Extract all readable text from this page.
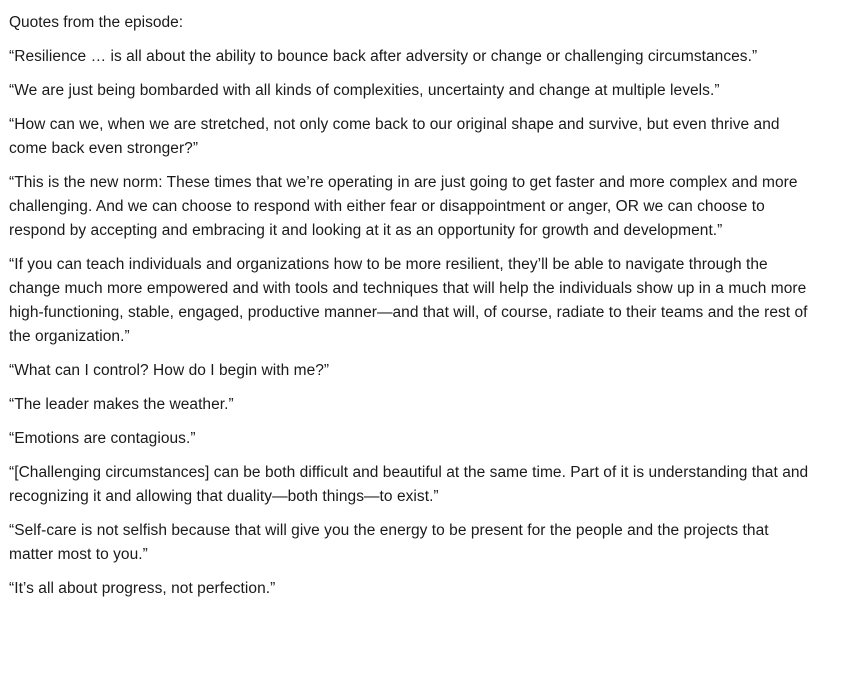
Quotes from the episode:

“Resilience … is all about the ability to bounce back after adversity or change or challenging circumstances.”

“We are just being bombarded with all kinds of complexities, uncertainty and change at multiple levels.”

“How can we, when we are stretched, not only come back to our original shape and survive, but even thrive and come back even stronger?”

“This is the new norm: These times that we’re operating in are just going to get faster and more complex and more challenging. And we can choose to respond with either fear or disappointment or anger, OR we can choose to respond by accepting and embracing it and looking at it as an opportunity for growth and development.”

“If you can teach individuals and organizations how to be more resilient, they’ll be able to navigate through the change much more empowered and with tools and techniques that will help the individuals show up in a much more high-functioning, stable, engaged, productive manner—and that will, of course, radiate to their teams and the rest of the organization.”

“What can I control? How do I begin with me?”

“The leader makes the weather.”

“Emotions are contagious.”

“[Challenging circumstances] can be both difficult and beautiful at the same time. Part of it is understanding that and recognizing it and allowing that duality—both things—to exist.”

“Self-care is not selfish because that will give you the energy to be present for the people and the projects that matter most to you.”

“It’s all about progress, not perfection.”
